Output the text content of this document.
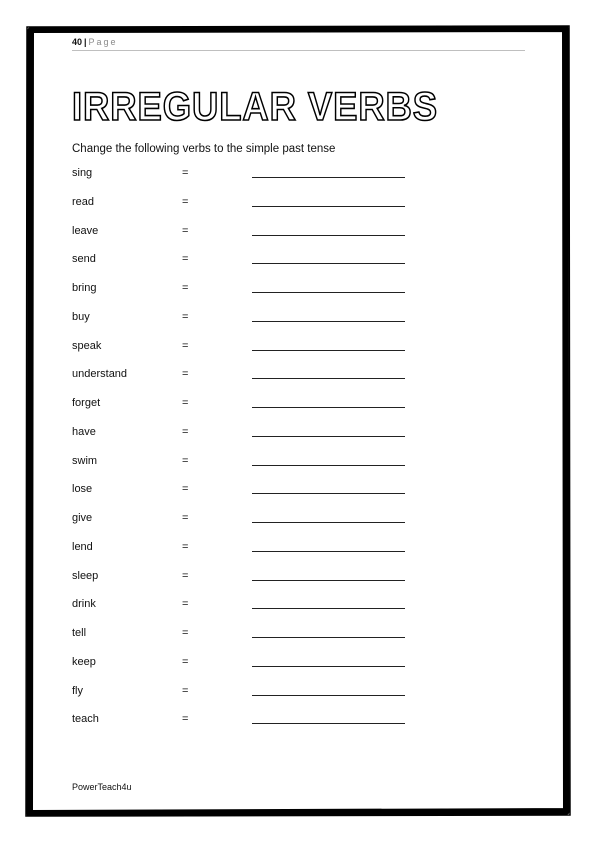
40 | Page
IRREGULAR VERBS
Change the following verbs to the simple past tense
sing	=
read	=
leave	=
send	=
bring	=
buy	=
speak	=
understand	=
forget	=
have	=
swim	=
lose	=
give	=
lend	=
sleep	=
drink	=
tell	=
keep	=
fly	=
teach	=
PowerTeach4u
